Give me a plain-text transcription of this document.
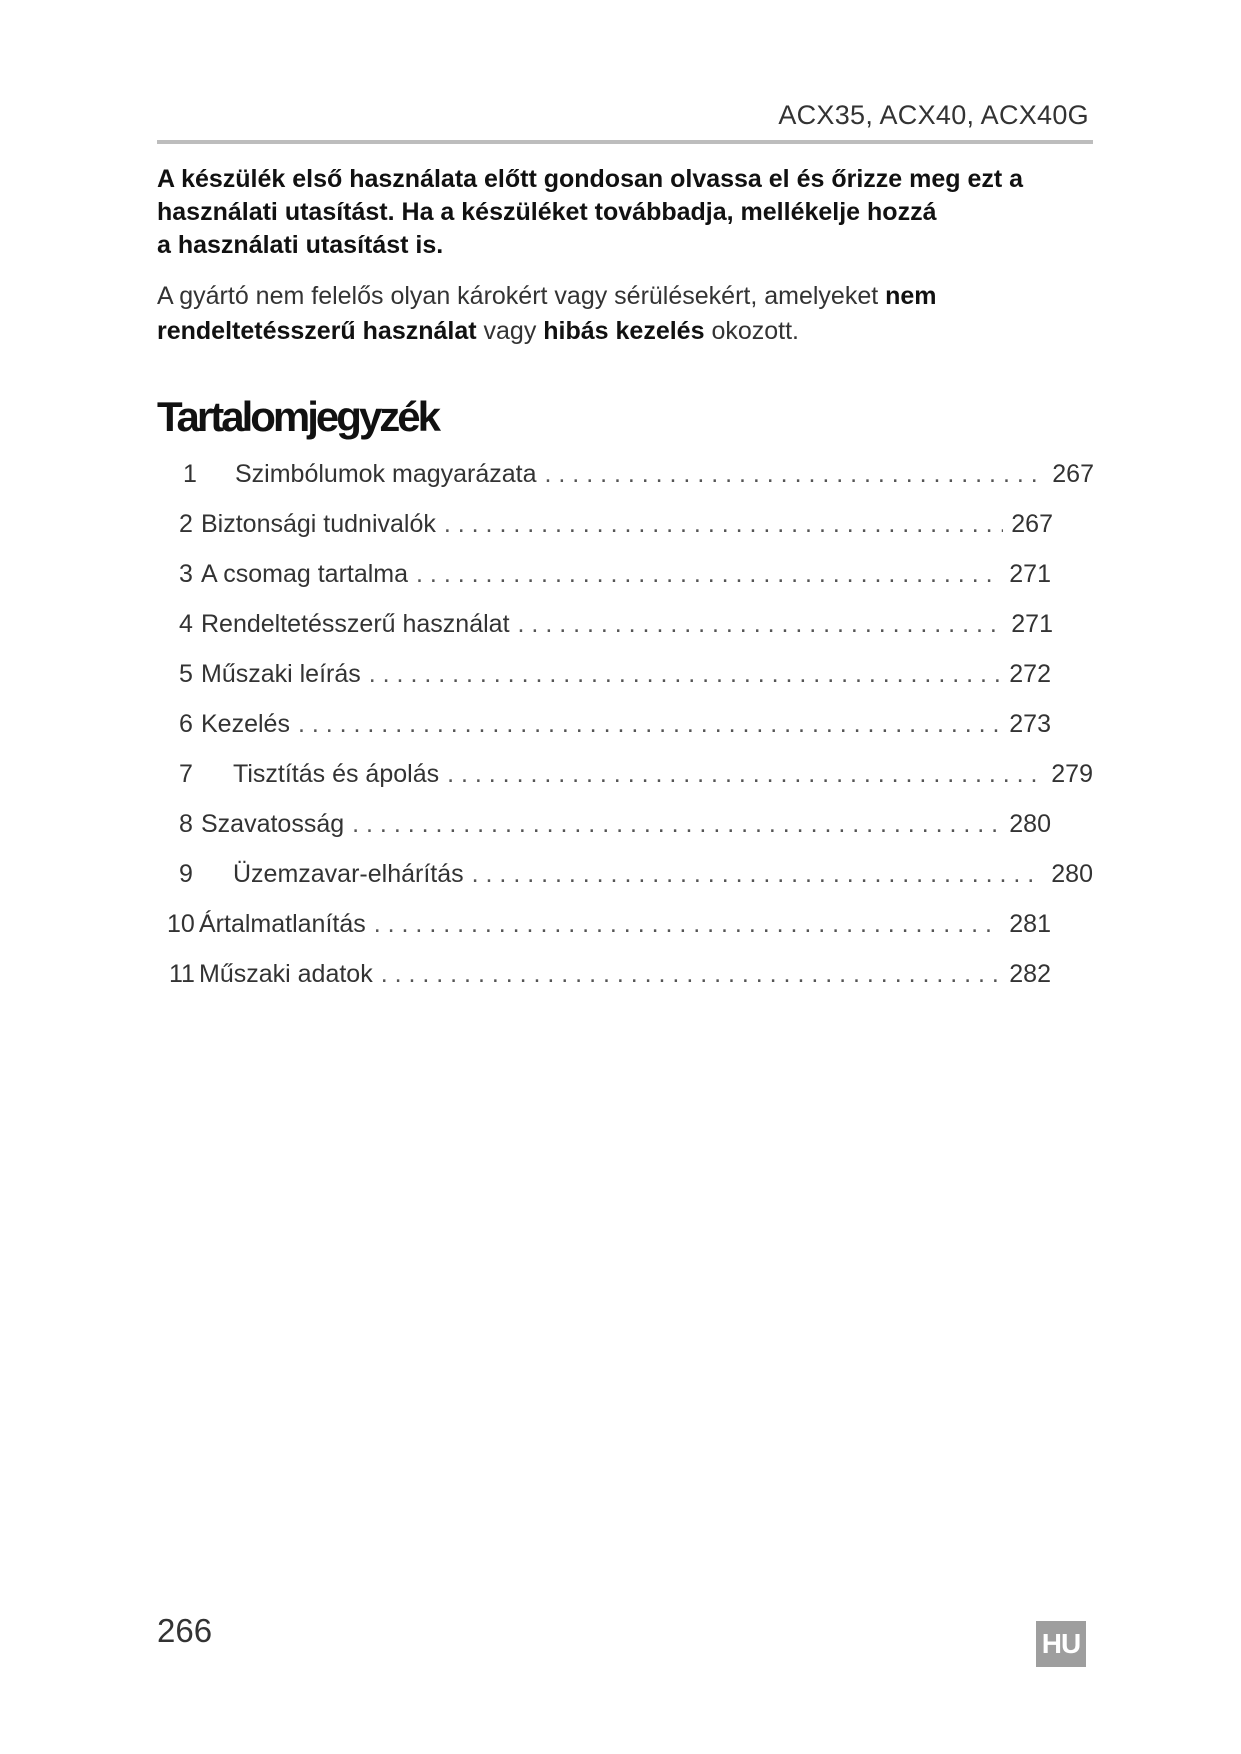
ACX35, ACX40, ACX40G
A készülék első használata előtt gondosan olvassa el és őrizze meg ezt a
használati utasítást. Ha a készüléket továbbadja, mellékelje hozzá
a használati utasítást is.
A gyártó nem felelős olyan károkért vagy sérülésekért, amelyeket nem
rendeltetésszerű használat vagy hibás kezelés okozott.
Tartalomjegyzék
1	Szimbólumok magyarázata . . .	267
2 Biztonsági tudnivalók . . .	267
3 A csomag tartalma . . .	271
4 Rendeltetésszerű használat . . .	271
5 Műszaki leírás . . .	272
6 Kezelés . . .	273
7	Tisztítás és ápolás . . .	279
8 Szavatosság . . .	280
9	Üzemzavar-elhárítás . . .	280
10 Ártalmatlanítás . . .	281
11 Műszaki adatok . . .	282
266	HU
